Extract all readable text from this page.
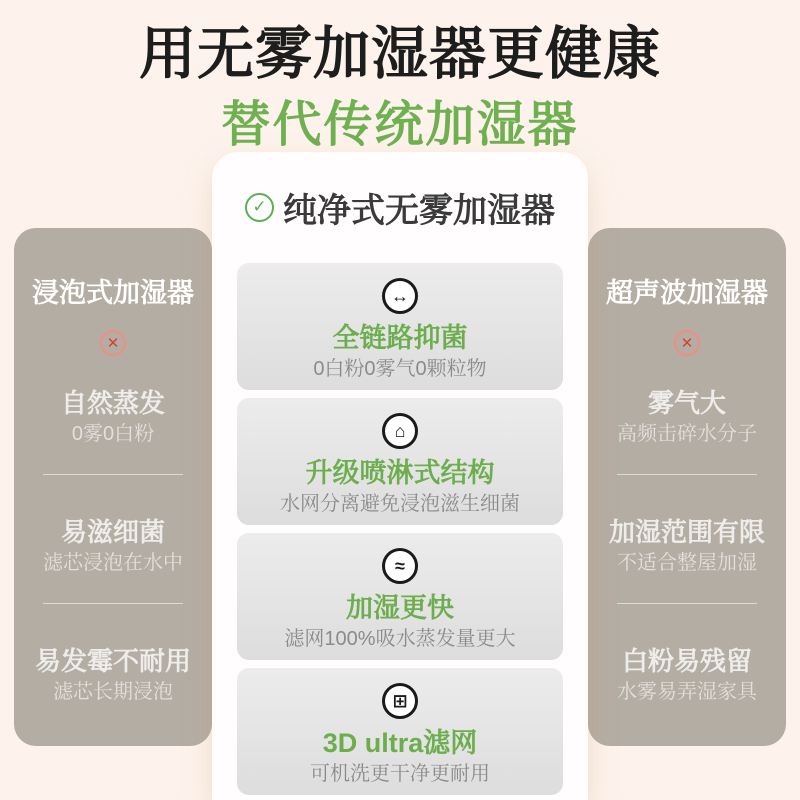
用无雾加湿器更健康
替代传统加湿器
浸泡式加湿器
✕
自然蒸发
0雾0白粉
易滋细菌
滤芯浸泡在水中
易发霉不耐用
滤芯长期浸泡
超声波加湿器
✕
雾气大
高频击碎水分子
加湿范围有限
不适合整屋加湿
白粉易残留
水雾易弄湿家具
✓ 纯净式无雾加湿器
↔
全链路抑菌
0白粉0雾气0颗粒物
⌂
升级喷淋式结构
水网分离避免浸泡滋生细菌
≈
加湿更快
滤网100%吸水蒸发量更大
⊞
3D ultra滤网
可机洗更干净更耐用
